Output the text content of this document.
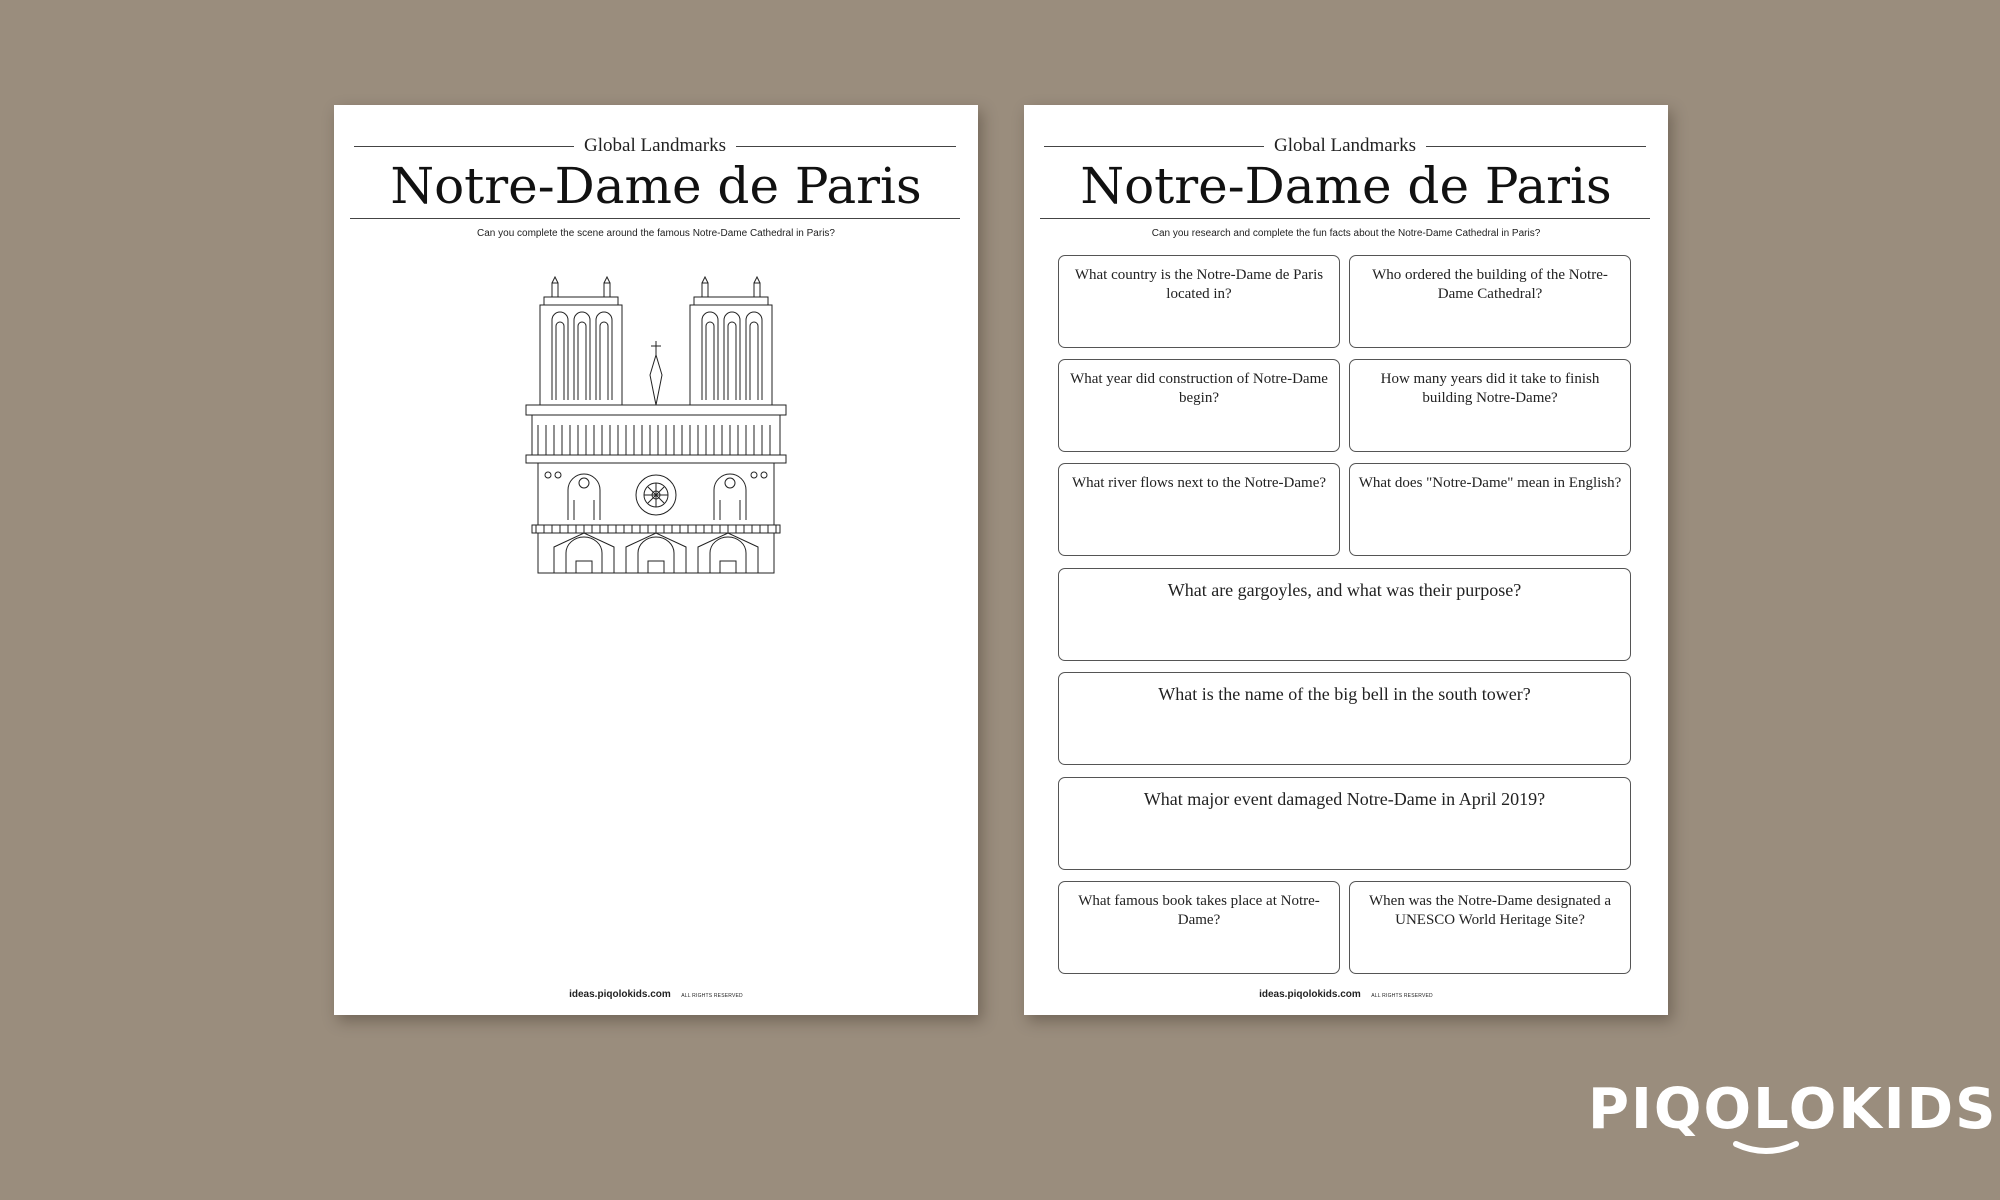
Global Landmarks
Notre-Dame de Paris
Can you complete the scene around the famous Notre-Dame Cathedral in Paris?
ideas.piqolokids.com ALL RIGHTS RESERVED
Global Landmarks
Notre-Dame de Paris
Can you research and complete the fun facts about the Notre-Dame Cathedral in Paris?
What country is the Notre-Dame de Paris located in?
Who ordered the building of the Notre-Dame Cathedral?
What year did construction of Notre-Dame begin?
How many years did it take to finish building Notre-Dame?
What river flows next to the Notre-Dame?	What does "Notre-Dame" mean in English?
What are gargoyles, and what was their purpose?
What is the name of the big bell in the south tower?
What major event damaged Notre-Dame in April 2019?
What famous book takes place at Notre-Dame?
When was the Notre-Dame designated a UNESCO World Heritage Site?
ideas.piqolokids.com ALL RIGHTS RESERVED
PIQOLOKIDS
